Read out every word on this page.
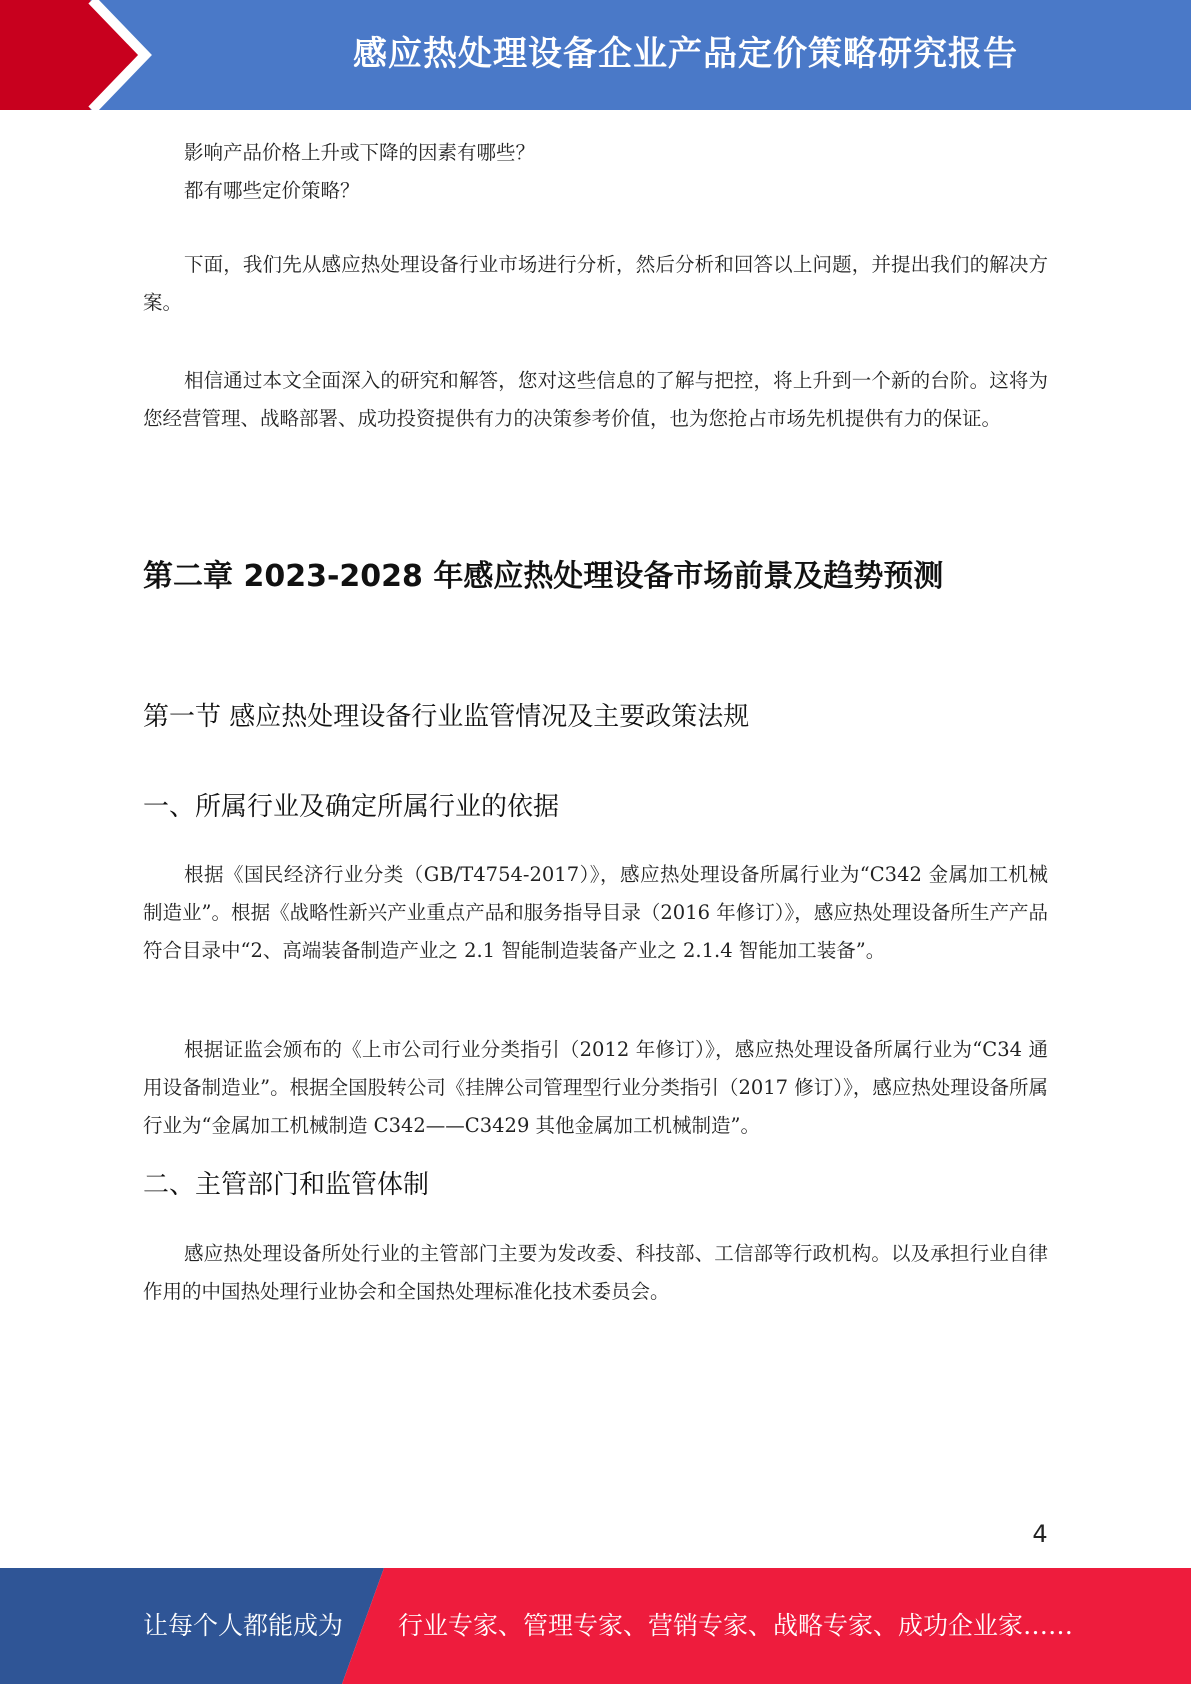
感应热处理设备企业产品定价策略研究报告
影响产品价格上升或下降的因素有哪些？
都有哪些定价策略？
下面，我们先从感应热处理设备行业市场进行分析，然后分析和回答以上问题，并提出我们的解决方案。
相信通过本文全面深入的研究和解答，您对这些信息的了解与把控，将上升到一个新的台阶。这将为您经营管理、战略部署、成功投资提供有力的决策参考价值，也为您抢占市场先机提供有力的保证。
第二章 2023-2028 年感应热处理设备市场前景及趋势预测
第一节 感应热处理设备行业监管情况及主要政策法规
一、所属行业及确定所属行业的依据
根据《国民经济行业分类（GB/T4754-2017）》，感应热处理设备所属行业为“C342 金属加工机械制造业”。根据《战略性新兴产业重点产品和服务指导目录（2016 年修订）》，感应热处理设备所生产产品符合目录中“2、高端装备制造产业之 2.1 智能制造装备产业之 2.1.4 智能加工装备”。
根据证监会颁布的《上市公司行业分类指引（2012 年修订）》，感应热处理设备所属行业为“C34 通用设备制造业”。根据全国股转公司《挂牌公司管理型行业分类指引（2017 修订）》，感应热处理设备所属行业为“金属加工机械制造 C342——C3429 其他金属加工机械制造”。
二、主管部门和监管体制
感应热处理设备所处行业的主管部门主要为发改委、科技部、工信部等行政机构。以及承担行业自律作用的中国热处理行业协会和全国热处理标准化技术委员会。
4
让每个人都能成为 行业专家、管理专家、营销专家、战略专家、成功企业家……
